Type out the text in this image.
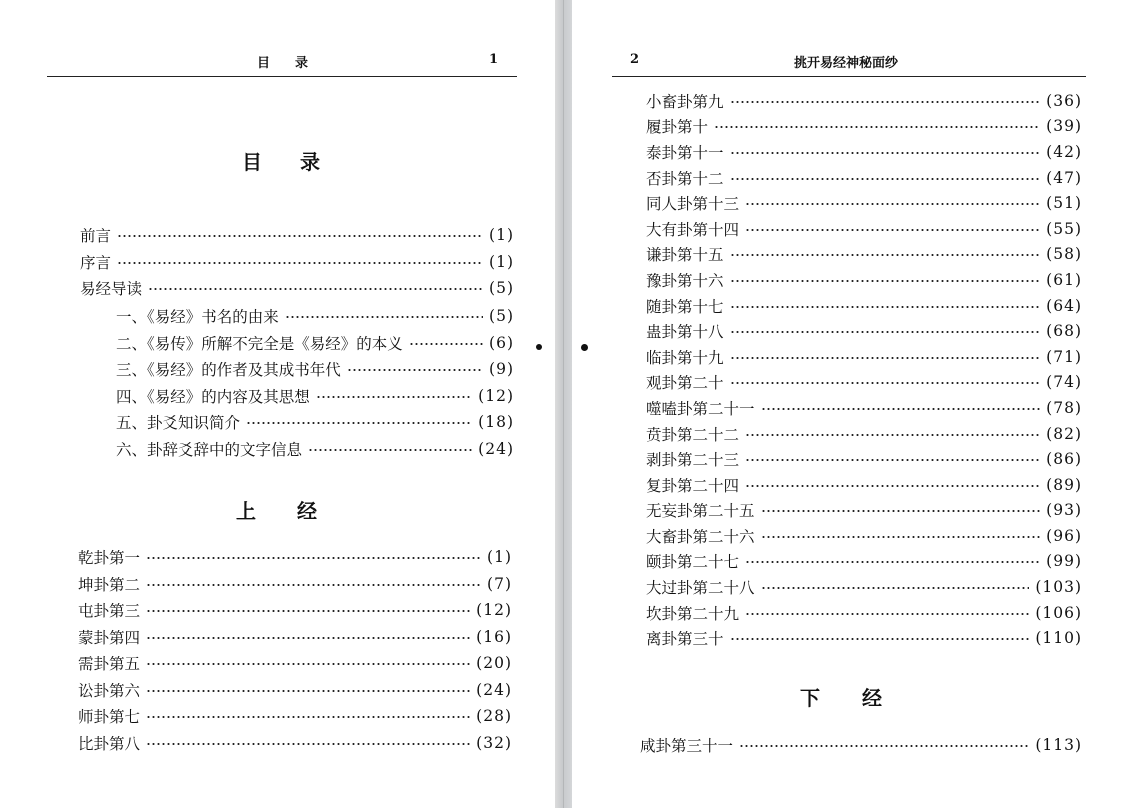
目　录	1
目 录
前言	(1)
序言	(1)
易经导读	(5)
一、《易经》书名的由来	(5)
二、《易传》所解不完全是《易经》的本义	(6)
三、《易经》的作者及其成书年代	(9)
四、《易经》的内容及其思想	(12)
五、卦爻知识简介	(18)
六、卦辞爻辞中的文字信息	(24)
上 经
乾卦第一	(1)
坤卦第二	(7)
屯卦第三	(12)
蒙卦第四	(16)
需卦第五	(20)
讼卦第六	(24)
师卦第七	(28)
比卦第八	(32)
2	挑开易经神秘面纱
小畜卦第九	(36)
履卦第十	(39)
泰卦第十一	(42)
否卦第十二	(47)
同人卦第十三	(51)
大有卦第十四	(55)
谦卦第十五	(58)
豫卦第十六	(61)
随卦第十七	(64)
蛊卦第十八	(68)
临卦第十九	(71)
观卦第二十	(74)
噬嗑卦第二十一	(78)
贲卦第二十二	(82)
剥卦第二十三	(86)
复卦第二十四	(89)
无妄卦第二十五	(93)
大畜卦第二十六	(96)
颐卦第二十七	(99)
大过卦第二十八	(103)
坎卦第二十九	(106)
离卦第三十	(110)
下 经
咸卦第三十一	(113)
